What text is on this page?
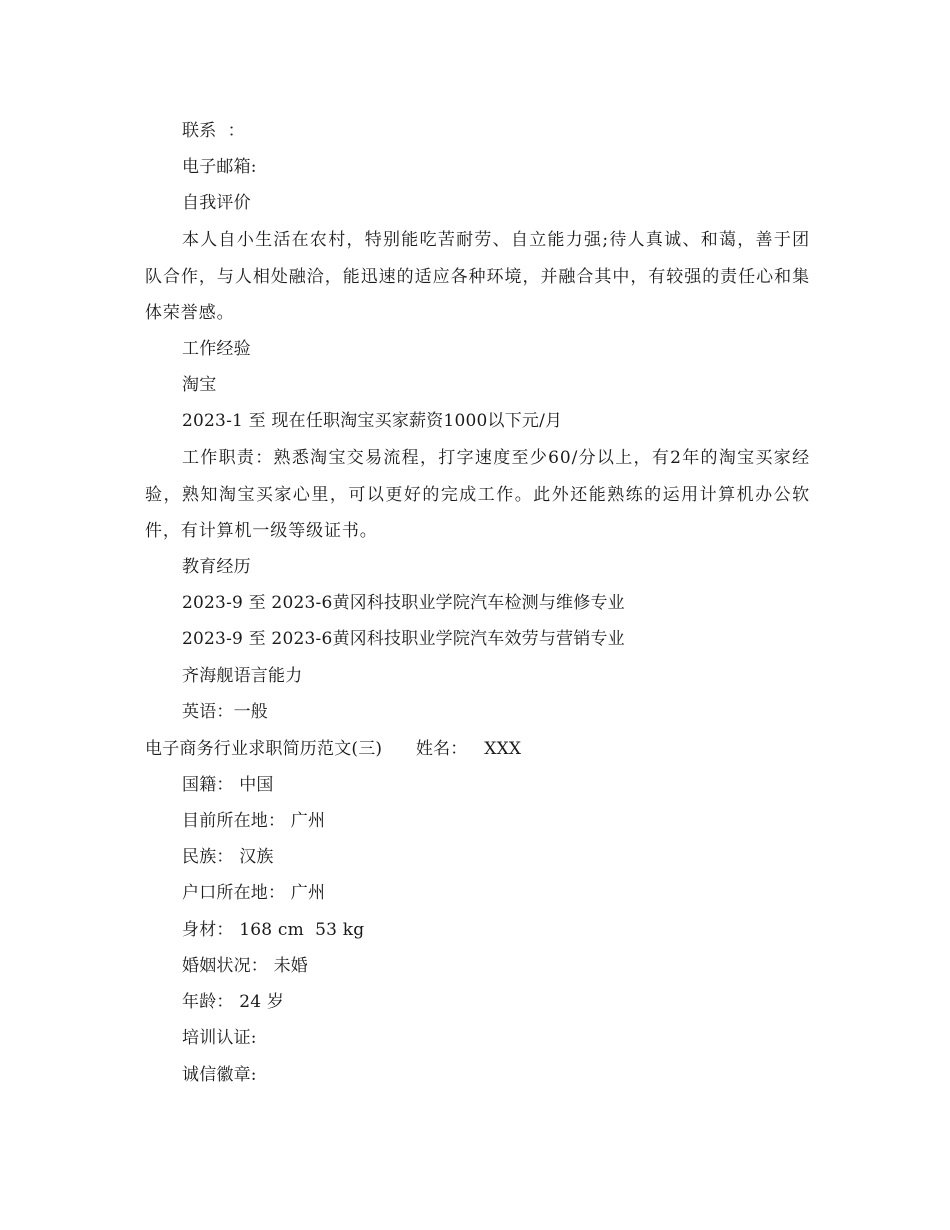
联系  ：
电子邮箱:
自我评价
本人自小生活在农村，特别能吃苦耐劳、自立能力强;待人真诚、和蔼，善于团队合作，与人相处融洽，能迅速的适应各种环境，并融合其中，有较强的责任心和集体荣誉感。
工作经验
淘宝
2023-1 至 现在任职淘宝买家薪资1000以下元/月
工作职责：熟悉淘宝交易流程，打字速度至少60/分以上，有2年的淘宝买家经验，熟知淘宝买家心里，可以更好的完成工作。此外还能熟练的运用计算机办公软件，有计算机一级等级证书。
教育经历
2023-9 至 2023-6黄冈科技职业学院汽车检测与维修专业
2023-9 至 2023-6黄冈科技职业学院汽车效劳与营销专业
齐海舰语言能力
英语：一般
电子商务行业求职简历范文(三)      姓名：   XXX
国籍： 中国
目前所在地： 广州
民族： 汉族
户口所在地： 广州
身材： 168 cm  53 kg
婚姻状况： 未婚
年龄： 24 岁
培训认证:
诚信徽章:
